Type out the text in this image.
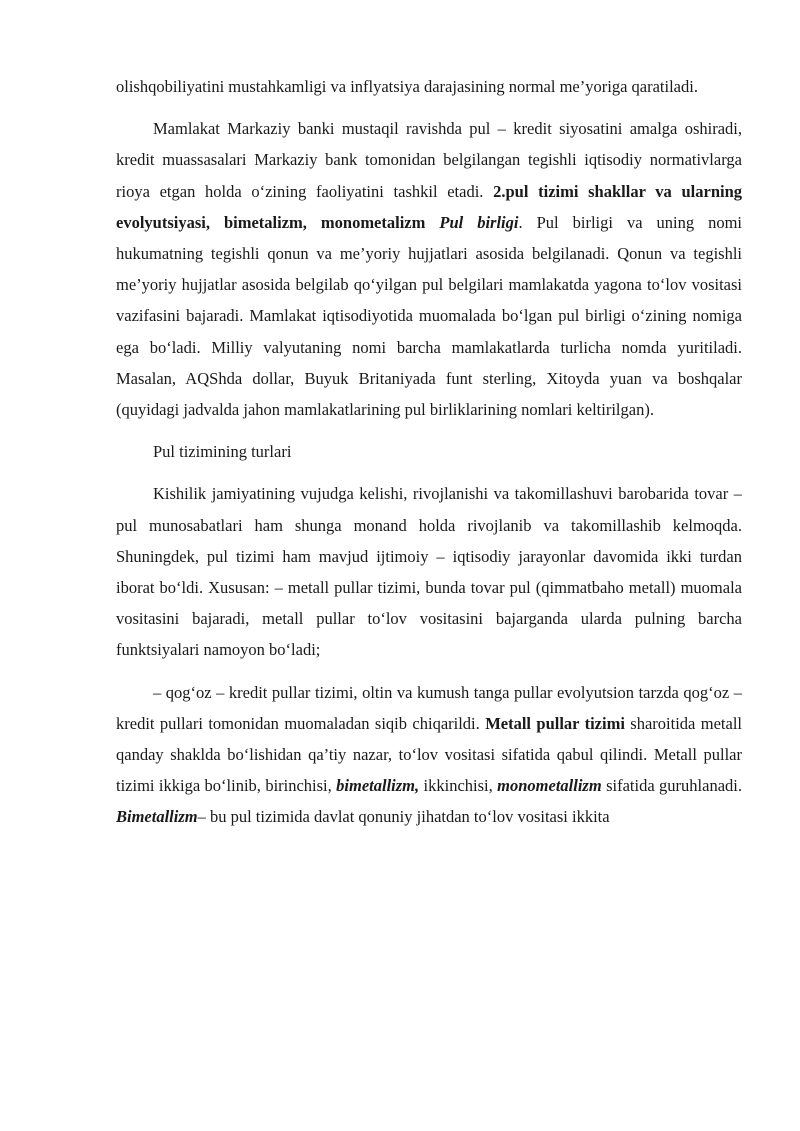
olishqobiliyatini mustahkamligi va inflyatsiya darajasining normal me’yoriga qaratiladi.

Mamlakat Markaziy banki mustaqil ravishda pul – kredit siyosatini amalga oshiradi, kredit muassasalari Markaziy bank tomonidan belgilangan tegishli iqtisodiy normativlarga rioya etgan holda o‘zining faoliyatini tashkil etadi. 2.pul tizimi shakllar va ularning evolyutsiyasi, bimetalizm, monometalizm Pul birligi. Pul birligi va uning nomi hukumatning tegishli qonun va me’yoriy hujjatlari asosida belgilanadi. Qonun va tegishli me’yoriy hujjatlar asosida belgilab qo‘yilgan pul belgilari mamlakatda yagona to‘lov vositasi vazifasini bajaradi. Mamlakat iqtisodiyotida muomalada bo‘lgan pul birligi o‘zining nomiga ega bo‘ladi. Milliy valyutaning nomi barcha mamlakatlarda turlicha nomda yuritiladi. Masalan, AQShda dollar, Buyuk Britaniyada funt sterling, Xitoyda yuan va boshqalar (quyidagi jadvalda jahon mamlakatlarining pul birliklarining nomlari keltirilgan).

Pul tizimining turlari

Kishilik jamiyatining vujudga kelishi, rivojlanishi va takomillashuvi barobarida tovar – pul munosabatlari ham shunga monand holda rivojlanib va takomillashib kelmoqda. Shuningdek, pul tizimi ham mavjud ijtimoiy – iqtisodiy jarayonlar davomida ikki turdan iborat bo‘ldi. Xususan: – metall pullar tizimi, bunda tovar pul (qimmatbaho metall) muomala vositasini bajaradi, metall pullar to‘lov vositasini bajarganda ularda pulning barcha funktsiyalari namoyon bo‘ladi;

– qog‘oz – kredit pullar tizimi, oltin va kumush tanga pullar evolyutsion tarzda qog‘oz – kredit pullari tomonidan muomaladan siqib chiqarildi. Metall pullar tizimi sharoitida metall qanday shaklda bo‘lishidan qa’tiy nazar, to‘lov vositasi sifatida qabul qilindi. Metall pullar tizimi ikkiga bo‘linib, birinchisi, bimetallizm, ikkinchisi, monometallizm sifatida guruhlanadi. Bimetallizm– bu pul tizimida davlat qonuniy jihatdan to‘lov vositasi ikkita
